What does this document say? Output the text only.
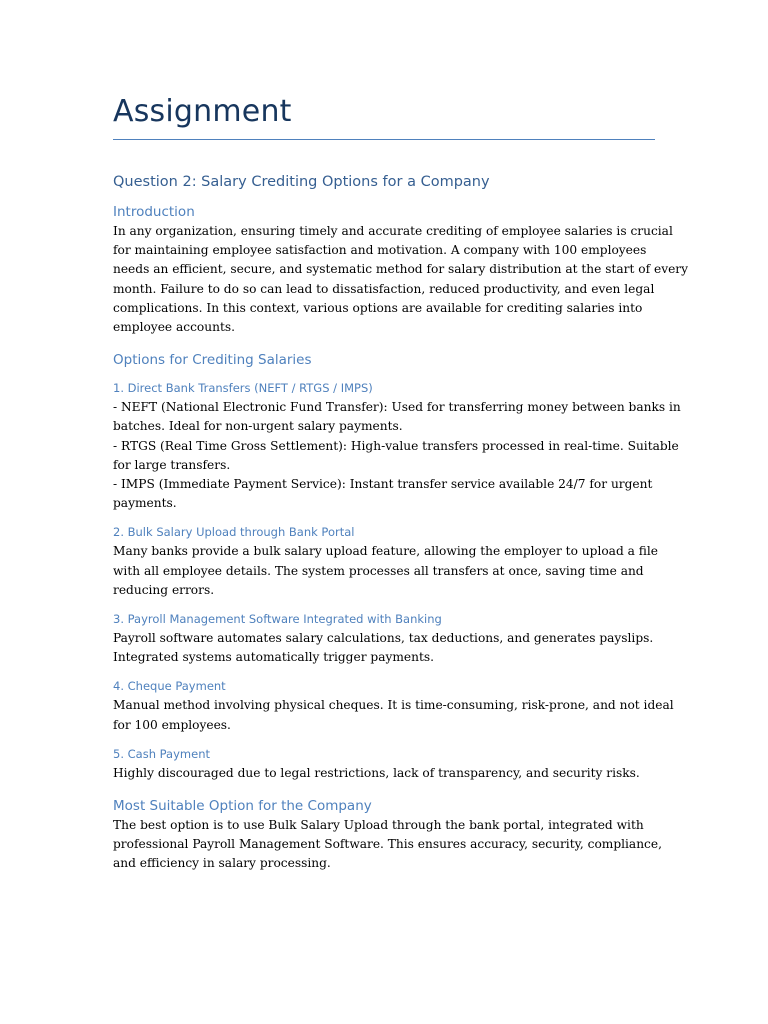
Assignment
Question 2: Salary Crediting Options for a Company
Introduction
In any organization, ensuring timely and accurate crediting of employee salaries is crucial
for maintaining employee satisfaction and motivation. A company with 100 employees
needs an efficient, secure, and systematic method for salary distribution at the start of every
month. Failure to do so can lead to dissatisfaction, reduced productivity, and even legal
complications. In this context, various options are available for crediting salaries into
employee accounts.
Options for Crediting Salaries
1. Direct Bank Transfers (NEFT / RTGS / IMPS)
- NEFT (National Electronic Fund Transfer): Used for transferring money between banks in
batches. Ideal for non-urgent salary payments.
- RTGS (Real Time Gross Settlement): High-value transfers processed in real-time. Suitable
for large transfers.
- IMPS (Immediate Payment Service): Instant transfer service available 24/7 for urgent
payments.
2. Bulk Salary Upload through Bank Portal
Many banks provide a bulk salary upload feature, allowing the employer to upload a file
with all employee details. The system processes all transfers at once, saving time and
reducing errors.
3. Payroll Management Software Integrated with Banking
Payroll software automates salary calculations, tax deductions, and generates payslips.
Integrated systems automatically trigger payments.
4. Cheque Payment
Manual method involving physical cheques. It is time-consuming, risk-prone, and not ideal
for 100 employees.
5. Cash Payment
Highly discouraged due to legal restrictions, lack of transparency, and security risks.
Most Suitable Option for the Company
The best option is to use Bulk Salary Upload through the bank portal, integrated with
professional Payroll Management Software. This ensures accuracy, security, compliance,
and efficiency in salary processing.
